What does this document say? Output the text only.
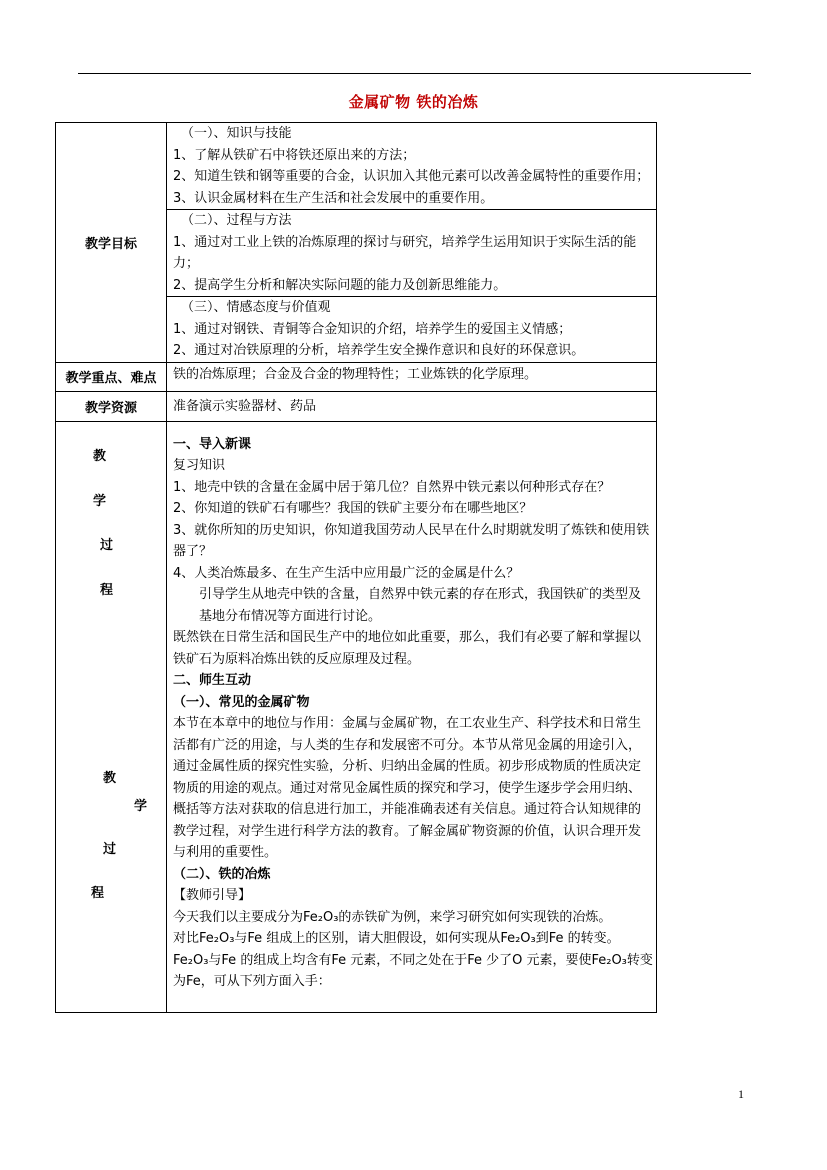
金属矿物 铁的冶炼
教学目标
（一）、知识与技能
1、了解从铁矿石中将铁还原出来的方法；
2、知道生铁和钢等重要的合金，认识加入其他元素可以改善金属特性的重要作用；
3、认识金属材料在生产生活和社会发展中的重要作用。
（二）、过程与方法
1、通过对工业上铁的冶炼原理的探讨与研究，培养学生运用知识于实际生活的能力；
2、提高学生分析和解决实际问题的能力及创新思维能力。
（三）、情感态度与价值观
1、通过对钢铁、青铜等合金知识的介绍，培养学生的爱国主义情感；
2、通过对冶铁原理的分析，培养学生安全操作意识和良好的环保意识。
教学重点、难点	铁的冶炼原理；合金及合金的物理特性；工业炼铁的化学原理。
教学资源	准备演示实验器材、药品
教
学
过
程
教
学
过
程
一、导入新课
复习知识
1、地壳中铁的含量在金属中居于第几位？自然界中铁元素以何种形式存在？
2、你知道的铁矿石有哪些？我国的铁矿主要分布在哪些地区？
3、就你所知的历史知识，你知道我国劳动人民早在什么时期就发明了炼铁和使用铁器了？
4、人类冶炼最多、在生产生活中应用最广泛的金属是什么？
引导学生从地壳中铁的含量，自然界中铁元素的存在形式，我国铁矿的类型及基地分布情况等方面进行讨论。
既然铁在日常生活和国民生产中的地位如此重要，那么，我们有必要了解和掌握以铁矿石为原料冶炼出铁的反应原理及过程。
二、师生互动
（一）、常见的金属矿物
本节在本章中的地位与作用：金属与金属矿物，在工农业生产、科学技术和日常生活都有广泛的用途，与人类的生存和发展密不可分。本节从常见金属的用途引入，通过金属性质的探究性实验，分析、归纳出金属的性质。初步形成物质的性质决定物质的用途的观点。通过对常见金属性质的探究和学习，使学生逐步学会用归纳、概括等方法对获取的信息进行加工，并能准确表述有关信息。通过符合认知规律的教学过程，对学生进行科学方法的教育。了解金属矿物资源的价值，认识合理开发与利用的重要性。
（二）、铁的冶炼
【教师引导】
今天我们以主要成分为Fe₂O₃的赤铁矿为例，来学习研究如何实现铁的冶炼。
对比Fe₂O₃与Fe 组成上的区别，请大胆假设，如何实现从Fe₂O₃到Fe 的转变。
Fe₂O₃与Fe 的组成上均含有Fe 元素，不同之处在于Fe 少了O 元素，要使Fe₂O₃转变为Fe，可从下列方面入手：
1
